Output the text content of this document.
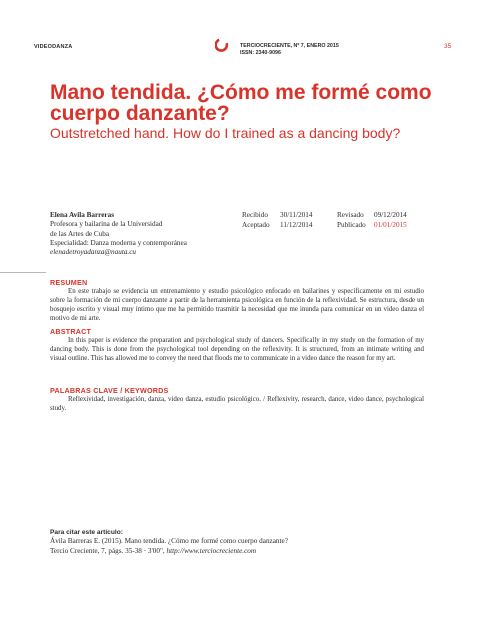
VIDEODANZA	TERCIOCRECIENTE, Nº 7, ENERO 2015
ISSN: 2340-9096
35
Mano tendida. ¿Cómo me formé como
cuerpo danzante?
Outstretched hand. How do I trained as a dancing body?
Elena Avila Barreras
Profesora y bailarina de la Universidad
de las Artes de Cuba
Especialidad: Danza moderna y contemporánea
elenadetroyadanza@nauta.cu
Recibido	30/11/2014	Revisado	09/12/2014
Aceptado	11/12/2014	Publicado	01/01/2015
RESUMEN

En este trabajo se evidencia un entrenamiento y estudio psicológico enfocado en bailarines y específicamente en mi estudio sobre la formación de mi cuerpo danzante a partir de la herramienta psicológica en función de la reflexividad. Se estructura, desde un bosquejo escrito y visual muy íntimo que me ha permitido trasmitir la necesidad que me inunda para comunicar en un video danza el motivo de mi arte.

ABSTRACT

In this paper is evidence the preparation and psychological study of dancers. Specifically in my study on the formation of my dancing body. This is done from the psychological tool depending on the reflexivity. It is structured, from an intimate writing and visual outline. This has allowed me to convey the need that floods me to communicate in a video dance the reason for my art.

PALABRAS CLAVE / KEYWORDS

Reflexividad, investigación, danza, video danza, estudio psicológico. / Reflexivity, research, dance, video dance, psychological study.

Para citar este artículo:
Ávila Barreras E. (2015). Mano tendida. ¿Cómo me formé como cuerpo danzante?
Tercio Creciente, 7, págs. 35-38 · 3'00", http://www.terciocreciente.com
